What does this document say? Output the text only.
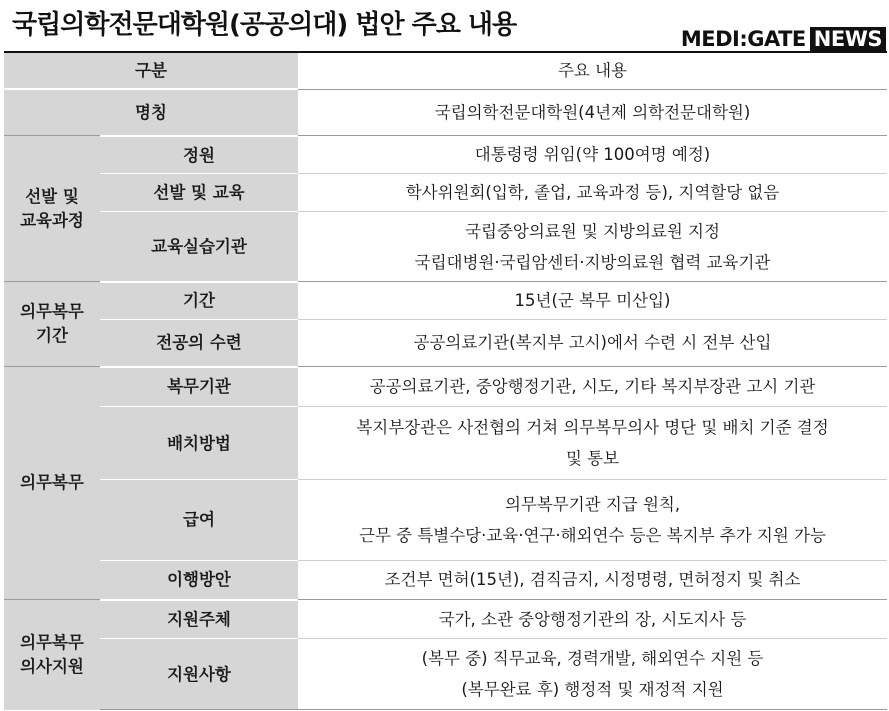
국립의학전문대학원(공공의대) 법안 주요 내용	MEDI:GATE NEWS
구분		주요 내용
명칭		국립의학전문대학원(4년제 의학전문대학원)

선발 및
교육과정	정원	대통령령 위임(약 100여명 예정)

	선발 및 교육	학사위원회(입학, 졸업, 교육과정 등), 지역할당 없음

	교육실습기관	국립중앙의료원 및 지방의료원 지정
국립대병원·국립암센터·지방의료원 협력 교육기관

의무복무
기간	기간	15년(군 복무 미산입)

	전공의 수련	공공의료기관(복지부 고시)에서 수련 시 전부 산입

의무복무	복무기관	공공의료기관, 중앙행정기관, 시도, 기타 복지부장관 고시 기관

	배치방법	복지부장관은 사전협의 거쳐 의무복무의사 명단 및 배치 기준 결정
및 통보

	급여	의무복무기관 지급 원칙,
근무 중 특별수당·교육·연구·해외연수 등은 복지부 추가 지원 가능

	이행방안	조건부 면허(15년), 겸직금지, 시정명령, 면허정지 및 취소

의무복무
의사지원	지원주체	국가, 소관 중앙행정기관의 장, 시도지사 등

	지원사항	(복무 중) 직무교육, 경력개발, 해외연수 지원 등
(복무완료 후) 행정적 및 재정적 지원
